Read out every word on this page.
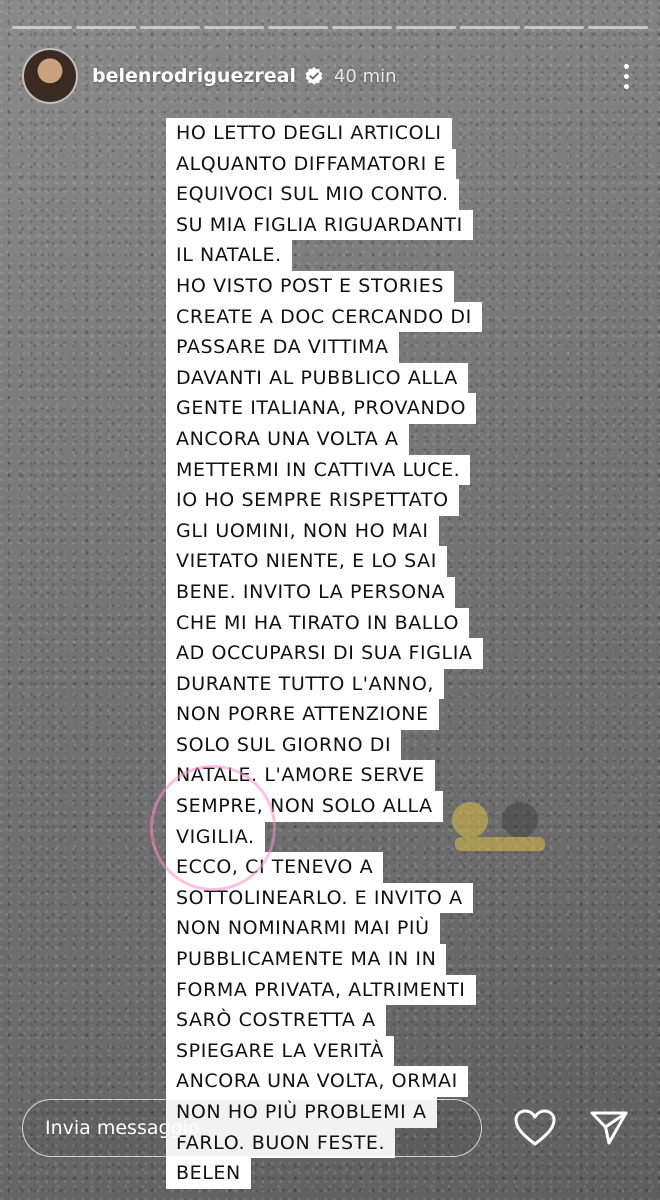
belenrodriguezreal 40 min
HO LETTO DEGLI ARTICOLI
ALQUANTO DIFFAMATORI E
EQUIVOCI SUL MIO CONTO.
SU MIA FIGLIA RIGUARDANTI
IL NATALE.
HO VISTO POST E STORIES
CREATE A DOC CERCANDO DI
PASSARE DA VITTIMA
DAVANTI AL PUBBLICO ALLA
GENTE ITALIANA, PROVANDO
ANCORA UNA VOLTA A
METTERMI IN CATTIVA LUCE.
IO HO SEMPRE RISPETTATO
GLI UOMINI, NON HO MAI
VIETATO NIENTE, E LO SAI
BENE. INVITO LA PERSONA
CHE MI HA TIRATO IN BALLO
AD OCCUPARSI DI SUA FIGLIA
DURANTE TUTTO L'ANNO,
NON PORRE ATTENZIONE
SOLO SUL GIORNO DI
NATALE. L'AMORE SERVE
SEMPRE, NON SOLO ALLA
VIGILIA.
ECCO, CI TENEVO A
SOTTOLINEARLO. E INVITO A
NON NOMINARMI MAI PIÙ
PUBBLICAMENTE MA IN IN
FORMA PRIVATA, ALTRIMENTI
SARÒ COSTRETTA A
SPIEGARE LA VERITÀ
ANCORA UNA VOLTA, ORMAI
NON HO PIÙ PROBLEMI A
FARLO. BUON FESTE.
BELEN
Invia messaggio
